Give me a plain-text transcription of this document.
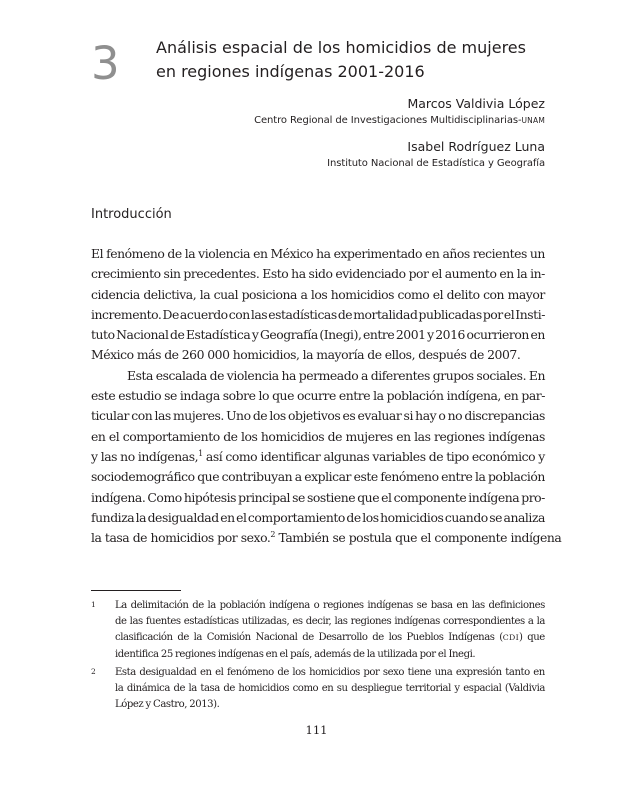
3 Análisis espacial de los homicidios de mujeres
en regiones indígenas 2001-2016
Marcos Valdivia López
Centro Regional de Investigaciones Multidisciplinarias-UNAM
Isabel Rodríguez Luna
Instituto Nacional de Estadística y Geografía
Introducción
El fenómeno de la violencia en México ha experimentado en años recientes un
crecimiento sin precedentes. Esto ha sido evidenciado por el aumento en la in-
cidencia delictiva, la cual posiciona a los homicidios como el delito con mayor
incremento. De acuerdo con las estadísticas de mortalidad publicadas por el Insti-
tuto Nacional de Estadística y Geografía (Inegi), entre 2001 y 2016 ocurrieron en
México más de 260 000 homicidios, la mayoría de ellos, después de 2007.
Esta escalada de violencia ha permeado a diferentes grupos sociales. En
este estudio se indaga sobre lo que ocurre entre la población indígena, en par-
ticular con las mujeres. Uno de los objetivos es evaluar si hay o no discrepancias
en el comportamiento de los homicidios de mujeres en las regiones indígenas
y las no indígenas,$^1$ así como identificar algunas variables de tipo económico y
sociodemográfico que contribuyan a explicar este fenómeno entre la población
indígena. Como hipótesis principal se sostiene que el componente indígena pro-
fundiza la desigualdad en el comportamiento de los homicidios cuando se analiza
la tasa de homicidios por sexo.$^2$ También se postula que el componente indígena
1 La delimitación de la población indígena o regiones indígenas se basa en las definiciones
de las fuentes estadísticas utilizadas, es decir, las regiones indígenas correspondientes a la
clasificación de la Comisión Nacional de Desarrollo de los Pueblos Indígenas (CDI) que
identifica 25 regiones indígenas en el país, además de la utilizada por el Inegi.
2 Esta desigualdad en el fenómeno de los homicidios por sexo tiene una expresión tanto en
la dinámica de la tasa de homicidios como en su despliegue territorial y espacial (Valdivia
López y Castro, 2013).
111
